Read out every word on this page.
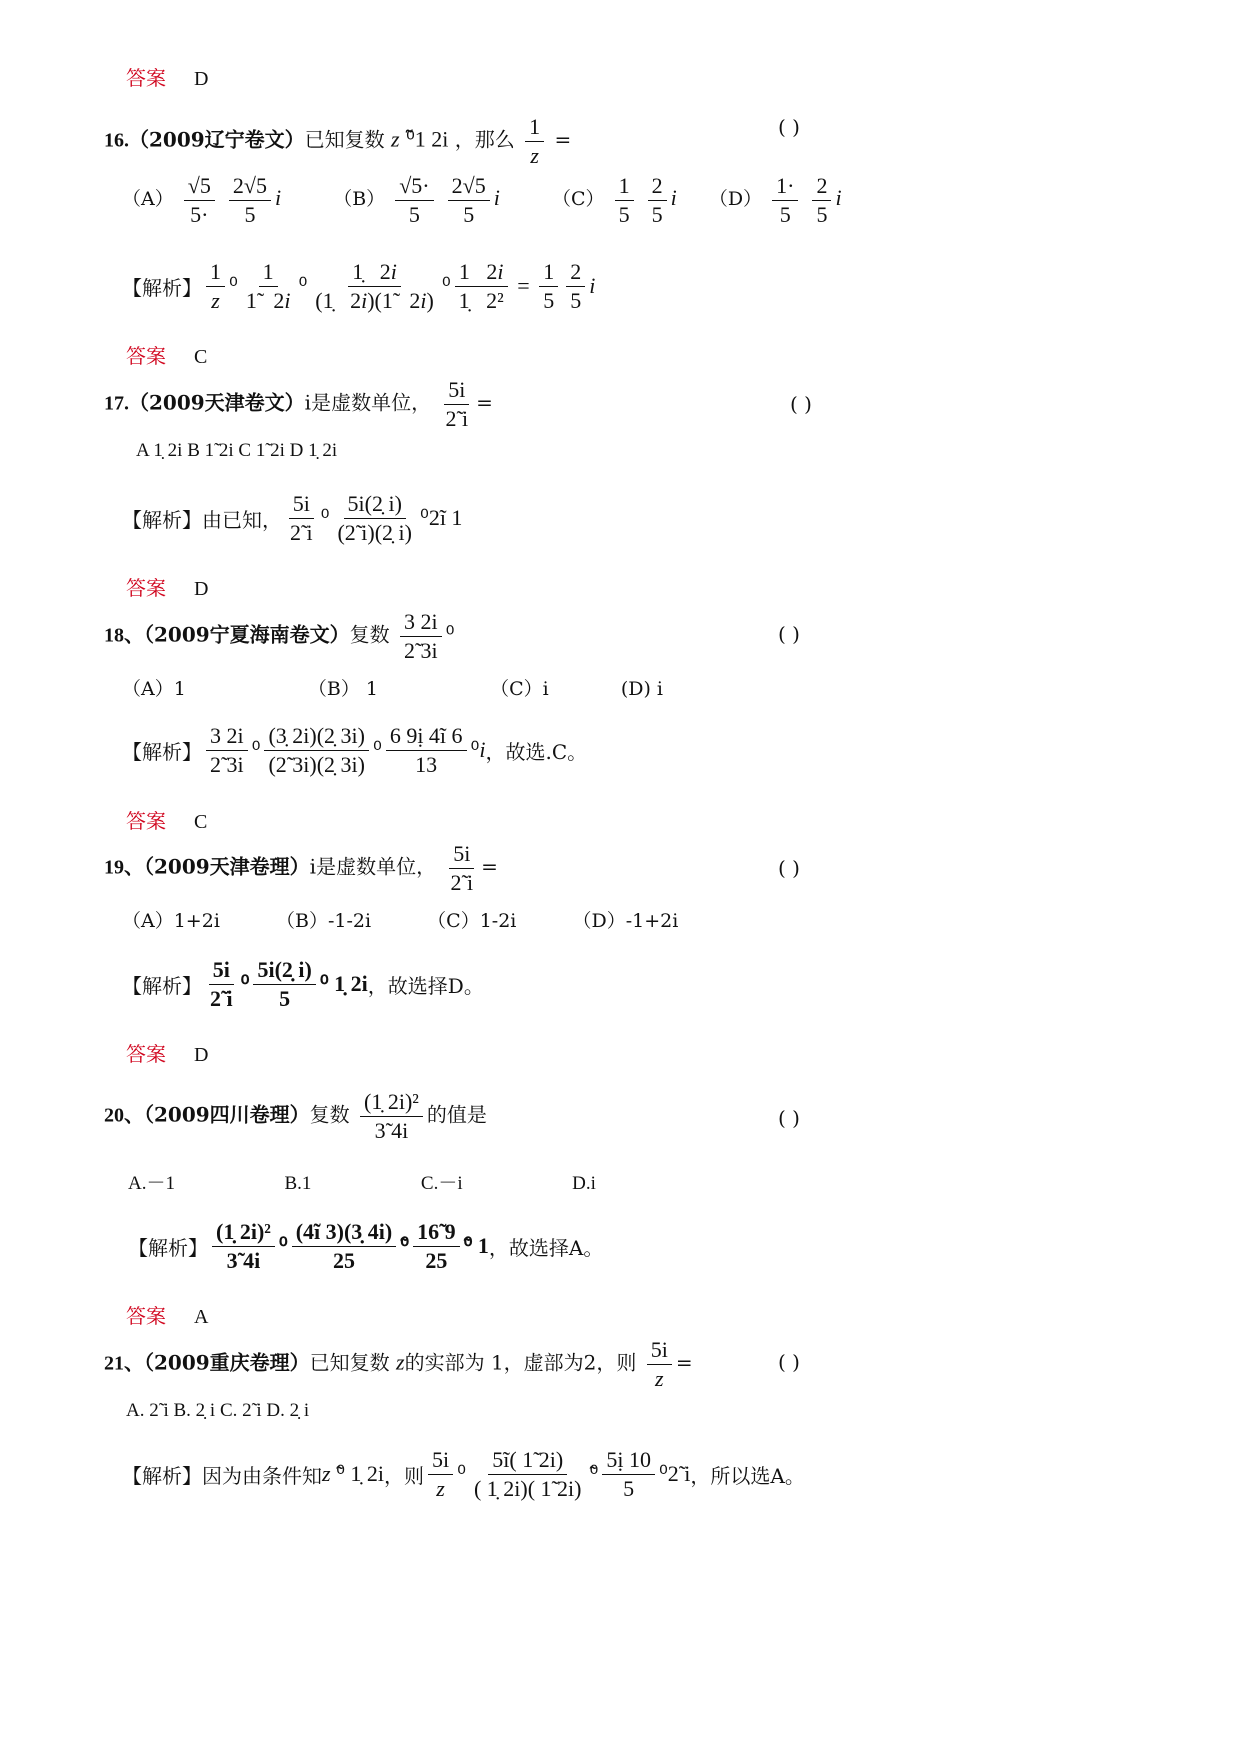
答案 D
16.（2009辽宁卷文）已知复数 z ⁰̃1 2i ，那么 $\frac{1}{z}$ =
( )
$(A) \frac{√5}{5\cdot}$
$\frac{2√5}{5}$ i	$(B) \frac{√5\cdot}{5}$
$\frac{2√5}{5}$ i	$(C) \frac{1}{5}$
$\frac{2}{5}$ i $(D) \frac{1\cdot}{5}$
$\frac{2}{5}$ i
【解析】 $\frac{1}{z} ^0 \frac{1}{1̃ 2i} ^0 \frac{1̣ 2i}{(1̣ 2i)(1̃ 2i)} ^0 \frac{1 2i}{\text{1̣   2²}} = \frac{1}{5} \frac{2}{5}$ i
答案 C
17.（2009天津卷文）i是虚数单位， $\frac{5i}{2̃ i}$ =	( )
A 1̣ 2i B 1̃ 2i C 1̃ 2i D 1̣ 2i
【解析】 由已知， $\frac{5i}{2̃ i} ^0 \frac{5i(2̣ i)}{(2̃ i)(2̣ i)} ^0$ 2ĩ 1
答案 D
18、（2009宁夏海南卷文）复数 $\frac{3 2i}{2̃ 3i} ^0$	( )
（A）1	（B） 1	（C）i	(D) i
【解析】 $\frac{3 2i}{2̃ 3i} ^0 \frac{(3̣ 2i)(2̣ 3i)}{(2̃ 3i)(2̣ 3i)} ^0 \frac{\text{6 9ị 4ĩ 6}}{13} ^0$ i ，故选.C。
答案 C
19、（2009天津卷理）i是虚数单位， $\frac{5i}{2̃ i}$ =	( )
（A）1+2i	（B）-1-2i	（C）1-2i	（D）-1+2i
【解析】 $\frac{5i}{2̃ i} ^0 \frac{5i(2̣ i)}{5} ^0$ 1̣ 2i ，故选择D。
答案 D
20、（2009四川卷理）复数 $\frac{\text{(1̣ 2i)²}}{3̃ 4i}$ 的值是	( )
A.－1	B.1	C.－i	D.i
【解析】 $\frac{\text{(1̣ 2i)²}}{3̃ 4i} ^0 \frac{(4ĩ 3)(3̣ 4i)}{25}$ ̃⁰ $\frac{16̃ 9}{25}$ ̃⁰ 1 ，故选择A。
答案 A
21、（2009重庆卷理）已知复数 z的实部为 1，虚部为2，则 $\frac{5i}{z}$ =	( )
A. 2̃ i B. 2̣ i C. 2̃ i D. 2̣ i
【解析】 因为由条件知 z ̃⁰ 1̣ 2i ，则 $\frac{5i}{z} ^0 \frac{5ĩ( 1̃ 2i)}{( 1̣ 2i)( 1̃ 2i)}$ ̃⁰ $\frac{\text{5ị 10}}{5} ^0$ 2̃ i ，所以选A。
